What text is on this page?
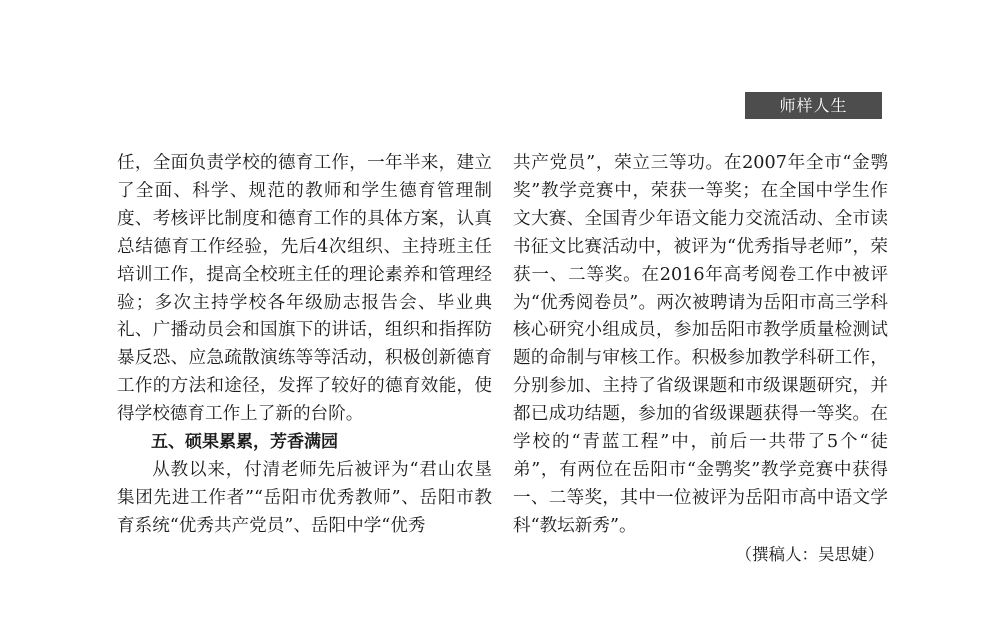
师样人生

任，全面负责学校的德育工作，一年半来，建立了全面、科学、规范的教师和学生德育管理制度、考核评比制度和德育工作的具体方案，认真总结德育工作经验，先后4次组织、主持班主任培训工作，提高全校班主任的理论素养和管理经验；多次主持学校各年级励志报告会、毕业典礼、广播动员会和国旗下的讲话，组织和指挥防暴反恐、应急疏散演练等等活动，积极创新德育工作的方法和途径，发挥了较好的德育效能，使得学校德育工作上了新的台阶。

五、硕果累累，芳香满园

从教以来，付清老师先后被评为“君山农垦集团先进工作者”“岳阳市优秀教师”、岳阳市教育系统“优秀共产党员”、岳阳中学“优秀

共产党员”，荣立三等功。在2007年全市“金鹗奖”教学竞赛中，荣获一等奖；在全国中学生作文大赛、全国青少年语文能力交流活动、全市读书征文比赛活动中，被评为“优秀指导老师”，荣获一、二等奖。在2016年高考阅卷工作中被评为“优秀阅卷员”。两次被聘请为岳阳市高三学科核心研究小组成员，参加岳阳市教学质量检测试题的命制与审核工作。积极参加教学科研工作，分别参加、主持了省级课题和市级课题研究，并都已成功结题，参加的省级课题获得一等奖。在学校的“青蓝工程”中，前后一共带了5个“徒弟”，有两位在岳阳市“金鹗奖”教学竞赛中获得一、二等奖，其中一位被评为岳阳市高中语文学科“教坛新秀”。

（撰稿人：吴思婕）
